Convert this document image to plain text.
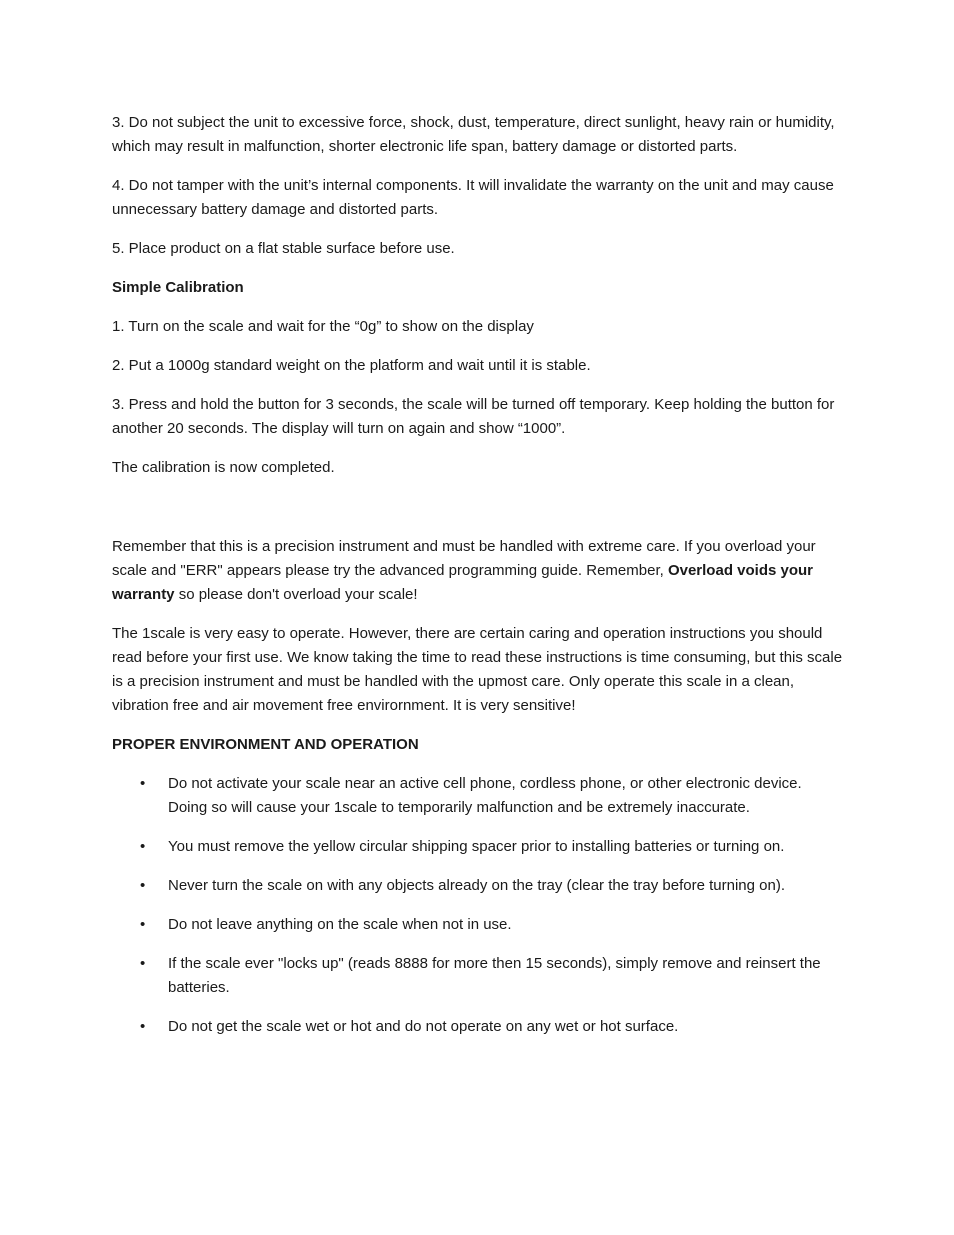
3. Do not subject the unit to excessive force, shock, dust, temperature, direct sunlight, heavy rain or humidity, which may result in malfunction, shorter electronic life span, battery damage or distorted parts.

4. Do not tamper with the unit’s internal components. It will invalidate the warranty on the unit and may cause unnecessary battery damage and distorted parts.

5. Place product on a flat stable surface before use.

Simple Calibration

1. Turn on the scale and wait for the “0g” to show on the display

2. Put a 1000g standard weight on the platform and wait until it is stable.

3. Press and hold the button for 3 seconds, the scale will be turned off temporary. Keep holding the button for another 20 seconds. The display will turn on again and show “1000”.

The calibration is now completed.

Remember that this is a precision instrument and must be handled with extreme care. If you overload your scale and "ERR" appears please try the advanced programming guide. Remember, Overload voids your warranty so please don't overload your scale!

The 1scale is very easy to operate. However, there are certain caring and operation instructions you should read before your first use. We know taking the time to read these instructions is time consuming, but this scale is a precision instrument and must be handled with the upmost care. Only operate this scale in a clean, vibration free and air movement free envirornment. It is very sensitive!

PROPER ENVIRONMENT AND OPERATION

• Do not activate your scale near an active cell phone, cordless phone, or other electronic device. Doing so will cause your 1scale to temporarily malfunction and be extremely inaccurate.
• You must remove the yellow circular shipping spacer prior to installing batteries or turning on.
• Never turn the scale on with any objects already on the tray (clear the tray before turning on).
• Do not leave anything on the scale when not in use.
• If the scale ever "locks up" (reads 8888 for more then 15 seconds), simply remove and reinsert the batteries.
• Do not get the scale wet or hot and do not operate on any wet or hot surface.
